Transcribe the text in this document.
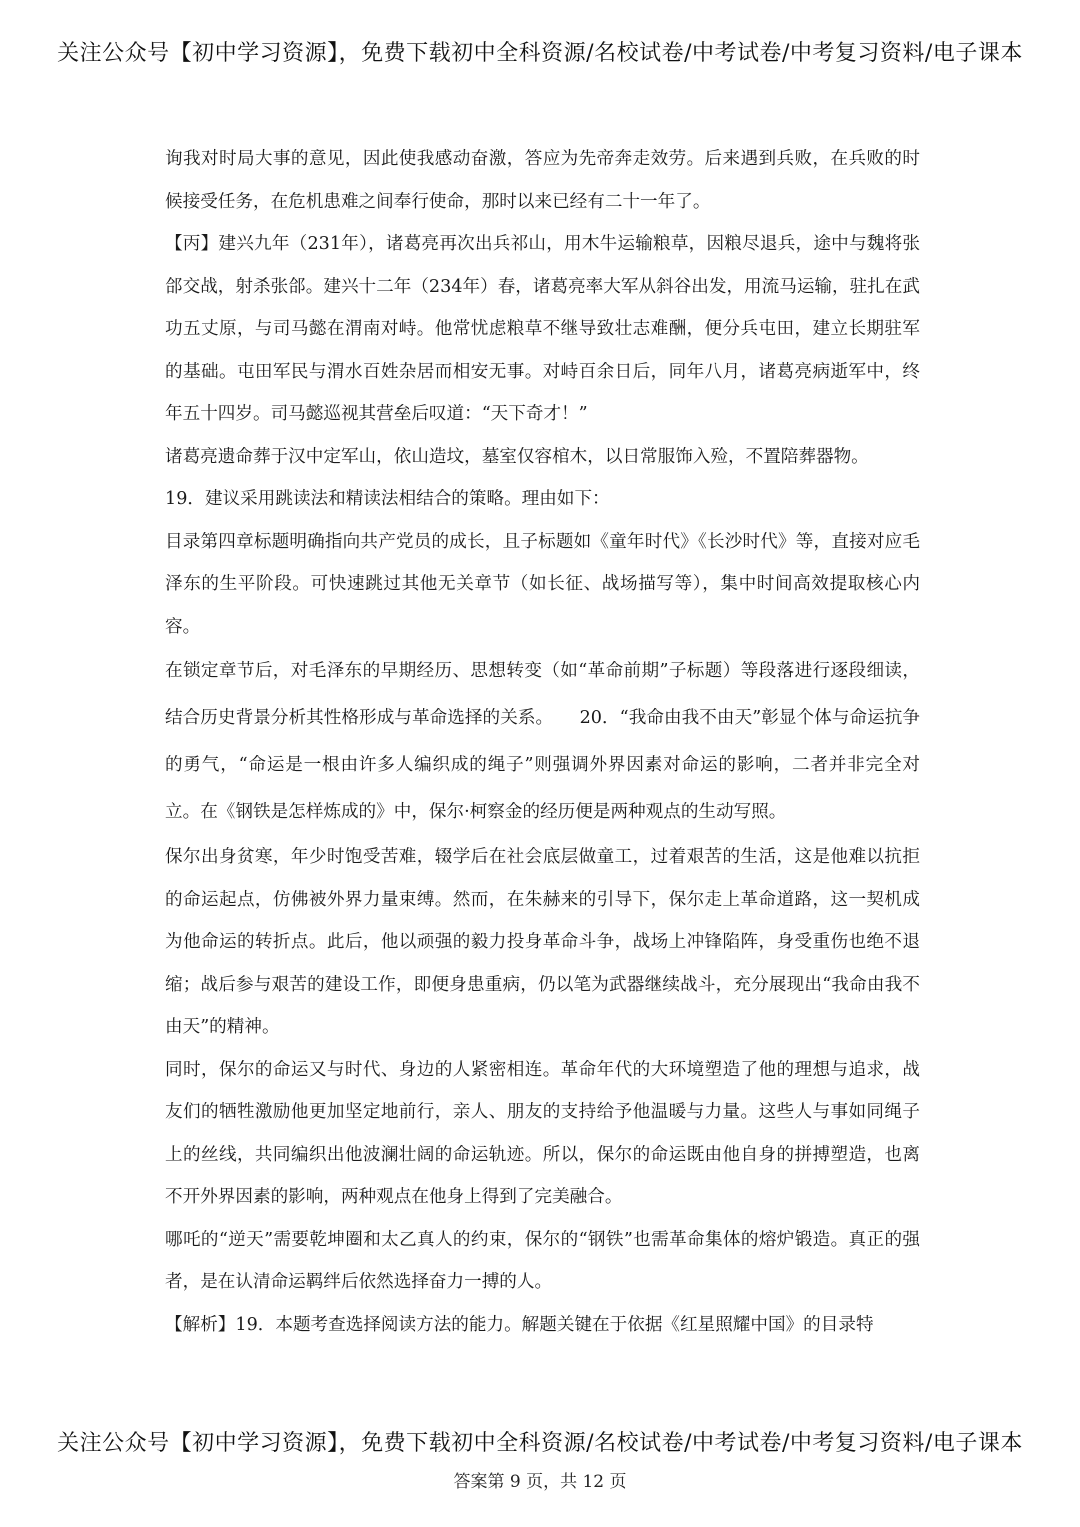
关注公众号【初中学习资源】，免费下载初中全科资源/名校试卷/中考试卷/中考复习资料/电子课本

询我对时局大事的意见，因此使我感动奋激，答应为先帝奔走效劳。后来遇到兵败，在兵败的时候接受任务，在危机患难之间奉行使命，那时以来已经有二十一年了。

【丙】建兴九年（231年），诸葛亮再次出兵祁山，用木牛运输粮草，因粮尽退兵，途中与魏将张郃交战，射杀张郃。建兴十二年（234年）春，诸葛亮率大军从斜谷出发，用流马运输，驻扎在武功五丈原，与司马懿在渭南对峙。他常忧虑粮草不继导致壮志难酬，便分兵屯田，建立长期驻军的基础。屯田军民与渭水百姓杂居而相安无事。对峙百余日后，同年八月，诸葛亮病逝军中，终年五十四岁。司马懿巡视其营垒后叹道：“天下奇才！”

诸葛亮遗命葬于汉中定军山，依山造坟，墓室仅容棺木，以日常服饰入殓，不置陪葬器物。

19．建议采用跳读法和精读法相结合的策略。理由如下：

目录第四章标题明确指向共产党员的成长，且子标题如《童年时代》《长沙时代》等，直接对应毛泽东的生平阶段。可快速跳过其他无关章节（如长征、战场描写等），集中时间高效提取核心内容。

在锁定章节后，对毛泽东的早期经历、思想转变（如“革命前期”子标题）等段落进行逐段细读，结合历史背景分析其性格形成与革命选择的关系。　　20．“我命由我不由天”彰显个体与命运抗争的勇气，“命运是一根由许多人编织成的绳子”则强调外界因素对命运的影响，二者并非完全对立。在《钢铁是怎样炼成的》中，保尔·柯察金的经历便是两种观点的生动写照。

保尔出身贫寒，年少时饱受苦难，辍学后在社会底层做童工，过着艰苦的生活，这是他难以抗拒的命运起点，仿佛被外界力量束缚。然而，在朱赫来的引导下，保尔走上革命道路，这一契机成为他命运的转折点。此后，他以顽强的毅力投身革命斗争，战场上冲锋陷阵，身受重伤也绝不退缩；战后参与艰苦的建设工作，即便身患重病，仍以笔为武器继续战斗，充分展现出“我命由我不由天”的精神。

同时，保尔的命运又与时代、身边的人紧密相连。革命年代的大环境塑造了他的理想与追求，战友们的牺牲激励他更加坚定地前行，亲人、朋友的支持给予他温暖与力量。这些人与事如同绳子上的丝线，共同编织出他波澜壮阔的命运轨迹。所以，保尔的命运既由他自身的拼搏塑造，也离不开外界因素的影响，两种观点在他身上得到了完美融合。

哪吒的“逆天”需要乾坤圈和太乙真人的约束，保尔的“钢铁”也需革命集体的熔炉锻造。真正的强者，是在认清命运羁绊后依然选择奋力一搏的人。

【解析】19．本题考查选择阅读方法的能力。解题关键在于依据《红星照耀中国》的目录特

关注公众号【初中学习资源】，免费下载初中全科资源/名校试卷/中考试卷/中考复习资料/电子课本
答案第 9 页，共 12 页
